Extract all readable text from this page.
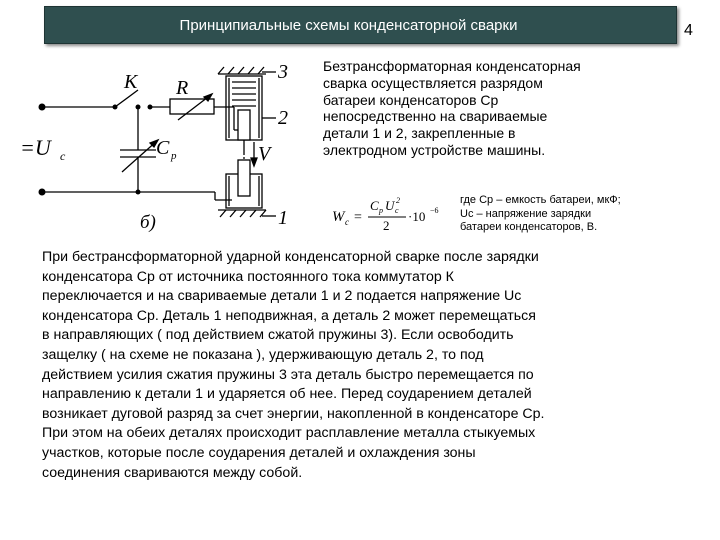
Принципиальные схемы конденсаторной сварки	4
K R
C р
=U с	V
б)	1
2
3	Безтрансформаторная конденсаторная
сварка осуществляется разрядом
батареи конденсаторов Cр
непосредственно на свариваемые
детали 1 и 2, закрепленные в
электродном устройстве машины.
W c =
C р U с
2
2
·10 −6
где Cр – емкость батареи, мкФ;
Uc – напряжение зарядки
батареи конденсаторов, В.

При бестрансформаторной ударной конденсаторной сварке после зарядки

конденсатора Cр от источника постоянного тока коммутатор К

переключается и на свариваемые детали 1 и 2 подается напряжение Uc

конденсатора Cр. Деталь 1 неподвижная, а деталь 2 может перемещаться

в направляющих ( под действием сжатой пружины 3). Если освободить

защелку ( на схеме не показана ), удерживающую деталь 2, то под

действием усилия сжатия пружины 3 эта деталь быстро перемещается по

направлению к детали 1 и ударяется об нее. Перед соударением деталей

возникает дуговой разряд за счет энергии, накопленной в конденсаторе Cр.

При этом на обеих деталях происходит расплавление металла стыкуемых

участков, которые после соударения деталей и охлаждения зоны

соединения свариваются между собой.
